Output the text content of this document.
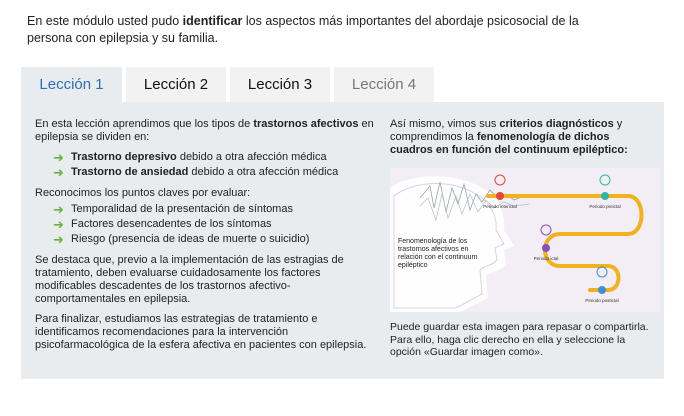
En este módulo usted pudo identificar los aspectos más importantes del abordaje psicosocial de la persona con epilepsia y su familia.
Lección 1	Lección 2	Lección 3	Lección 4

En esta lección aprendimos que los tipos de trastornos afectivos en epilepsia se dividen en:

➜ Trastorno depresivo debido a otra afección médica
➜ Trastorno de ansiedad debido a otra afección médica

Reconocimos los puntos claves por evaluar:

➜ Temporalidad de la presentación de síntomas
➜ Factores desencadentes de los síntomas
➜ Riesgo (presencia de ideas de muerte o suicidio)

Se destaca que, previo a la implementación de las estragias de tratamiento, deben evaluarse cuidadosamente los factores modificables descadentes de los trastornos afectivo-comportamentales en epilepsia.

Para finalizar, estudiamos las estrategias de tratamiento e identificamos recomendaciones para la intervención psicofarmacológica de la esfera afectiva en pacientes con epilepsia.

Así mismo, vimos sus criterios diagnósticos y comprendimos la fenomenología de dichos cuadros en función del continuum epiléptico:
Fenomenología de los trastornos afectivos en relación con el continuum epiléptico
Periodo ictal
Periodo interictal	Periodo preictal
Periodo postictal
Puede guardar esta imagen para repasar o compartirla. Para ello, haga clic derecho en ella y seleccione la opción «Guardar imagen como».
